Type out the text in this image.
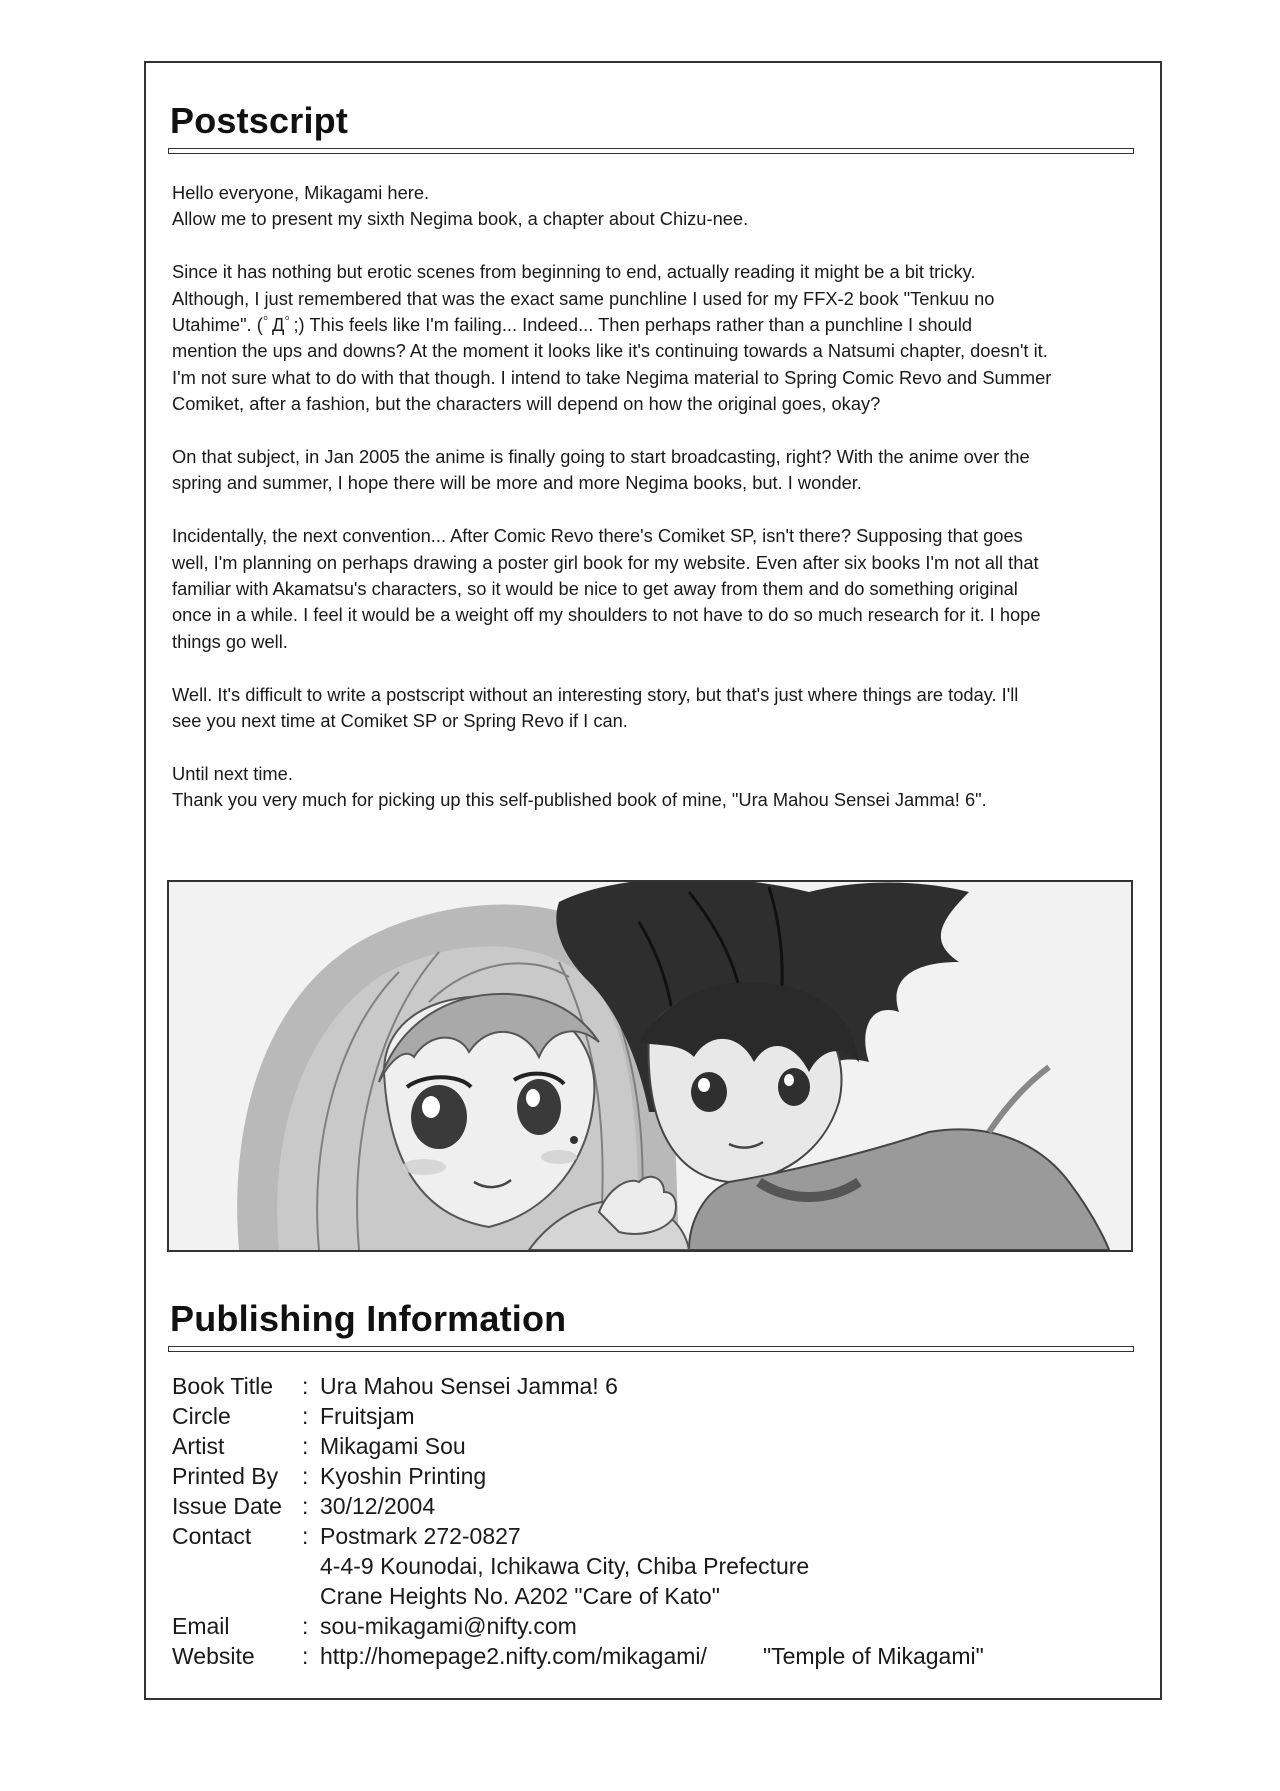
Postscript

Hello everyone, Mikagami here.
Allow me to present my sixth Negima book, a chapter about Chizu-nee.

Since it has nothing but erotic scenes from beginning to end, actually reading it might be a bit tricky.
Although, I just remembered that was the exact same punchline I used for my FFX-2 book "Tenkuu no
Utahime". (ﾟДﾟ;) This feels like I'm failing... Indeed... Then perhaps rather than a punchline I should
mention the ups and downs? At the moment it looks like it's continuing towards a Natsumi chapter, doesn't it.
I'm not sure what to do with that though. I intend to take Negima material to Spring Comic Revo and Summer
Comiket, after a fashion, but the characters will depend on how the original goes, okay?

On that subject, in Jan 2005 the anime is finally going to start broadcasting, right? With the anime over the
spring and summer, I hope there will be more and more Negima books, but. I wonder.

Incidentally, the next convention... After Comic Revo there's Comiket SP, isn't there? Supposing that goes
well, I'm planning on perhaps drawing a poster girl book for my website. Even after six books I'm not all that
familiar with Akamatsu's characters, so it would be nice to get away from them and do something original
once in a while. I feel it would be a weight off my shoulders to not have to do so much research for it. I hope
things go well.

Well. It's difficult to write a postscript without an interesting story, but that's just where things are today. I'll
see you next time at Comiket SP or Spring Revo if I can.

Until next time.
Thank you very much for picking up this self-published book of mine, "Ura Mahou Sensei Jamma! 6".

Publishing Information
Book Title	: Ura Mahou Sensei Jamma! 6
Circle	: Fruitsjam
Artist	: Mikagami Sou
Printed By	: Kyoshin Printing
Issue Date : 30/12/2004
Contact	: Postmark 272-0827
4-4-9 Kounodai, Ichikawa City, Chiba Prefecture
Crane Heights No. A202 "Care of Kato"
Email	: sou-mikagami@nifty.com
Website	: http://homepage2.nifty.com/mikagami/ "Temple of Mikagami"
